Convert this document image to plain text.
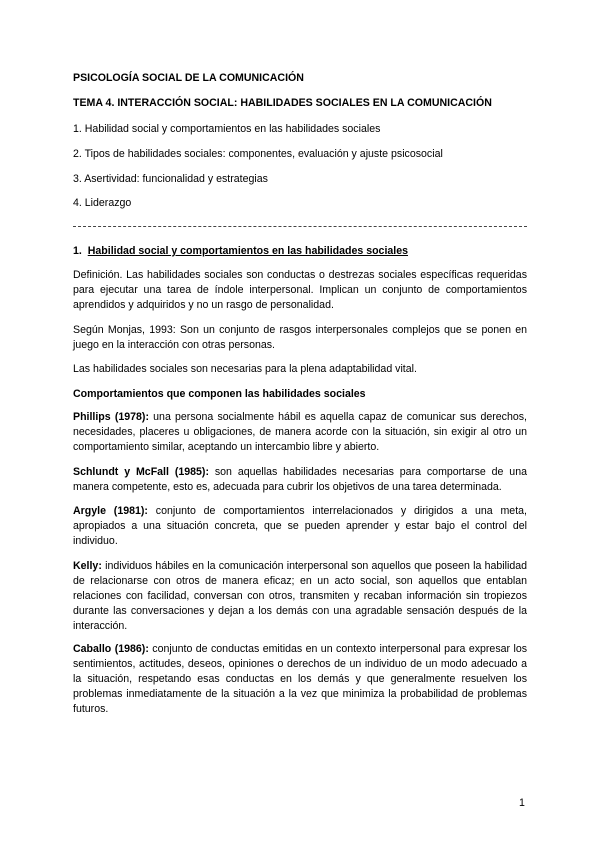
PSICOLOGÍA SOCIAL DE LA COMUNICACIÓN
TEMA 4. INTERACCIÓN SOCIAL: HABILIDADES SOCIALES EN LA COMUNICACIÓN
1. Habilidad social y comportamientos en las habilidades sociales
2. Tipos de habilidades sociales: componentes, evaluación y ajuste psicosocial
3. Asertividad: funcionalidad y estrategias
4. Liderazgo
1. Habilidad social y comportamientos en las habilidades sociales
Definición. Las habilidades sociales son conductas o destrezas sociales específicas requeridas para ejecutar una tarea de índole interpersonal. Implican un conjunto de comportamientos aprendidos y adquiridos y no un rasgo de personalidad.
Según Monjas, 1993: Son un conjunto de rasgos interpersonales complejos que se ponen en juego en la interacción con otras personas.
Las habilidades sociales son necesarias para la plena adaptabilidad vital.
Comportamientos que componen las habilidades sociales
Phillips (1978): una persona socialmente hábil es aquella capaz de comunicar sus derechos, necesidades, placeres u obligaciones, de manera acorde con la situación, sin exigir al otro un comportamiento similar, aceptando un intercambio libre y abierto.
Schlundt y McFall (1985): son aquellas habilidades necesarias para comportarse de una manera competente, esto es, adecuada para cubrir los objetivos de una tarea determinada.
Argyle (1981): conjunto de comportamientos interrelacionados y dirigidos a una meta, apropiados a una situación concreta, que se pueden aprender y estar bajo el control del individuo.
Kelly: individuos hábiles en la comunicación interpersonal son aquellos que poseen la habilidad de relacionarse con otros de manera eficaz; en un acto social, son aquellos que entablan relaciones con facilidad, conversan con otros, transmiten y recaban información sin tropiezos durante las conversaciones y dejan a los demás con una agradable sensación después de la interacción.
Caballo (1986): conjunto de conductas emitidas en un contexto interpersonal para expresar los sentimientos, actitudes, deseos, opiniones o derechos de un individuo de un modo adecuado a la situación, respetando esas conductas en los demás y que generalmente resuelven los problemas inmediatamente de la situación a la vez que minimiza la probabilidad de problemas futuros.
1
